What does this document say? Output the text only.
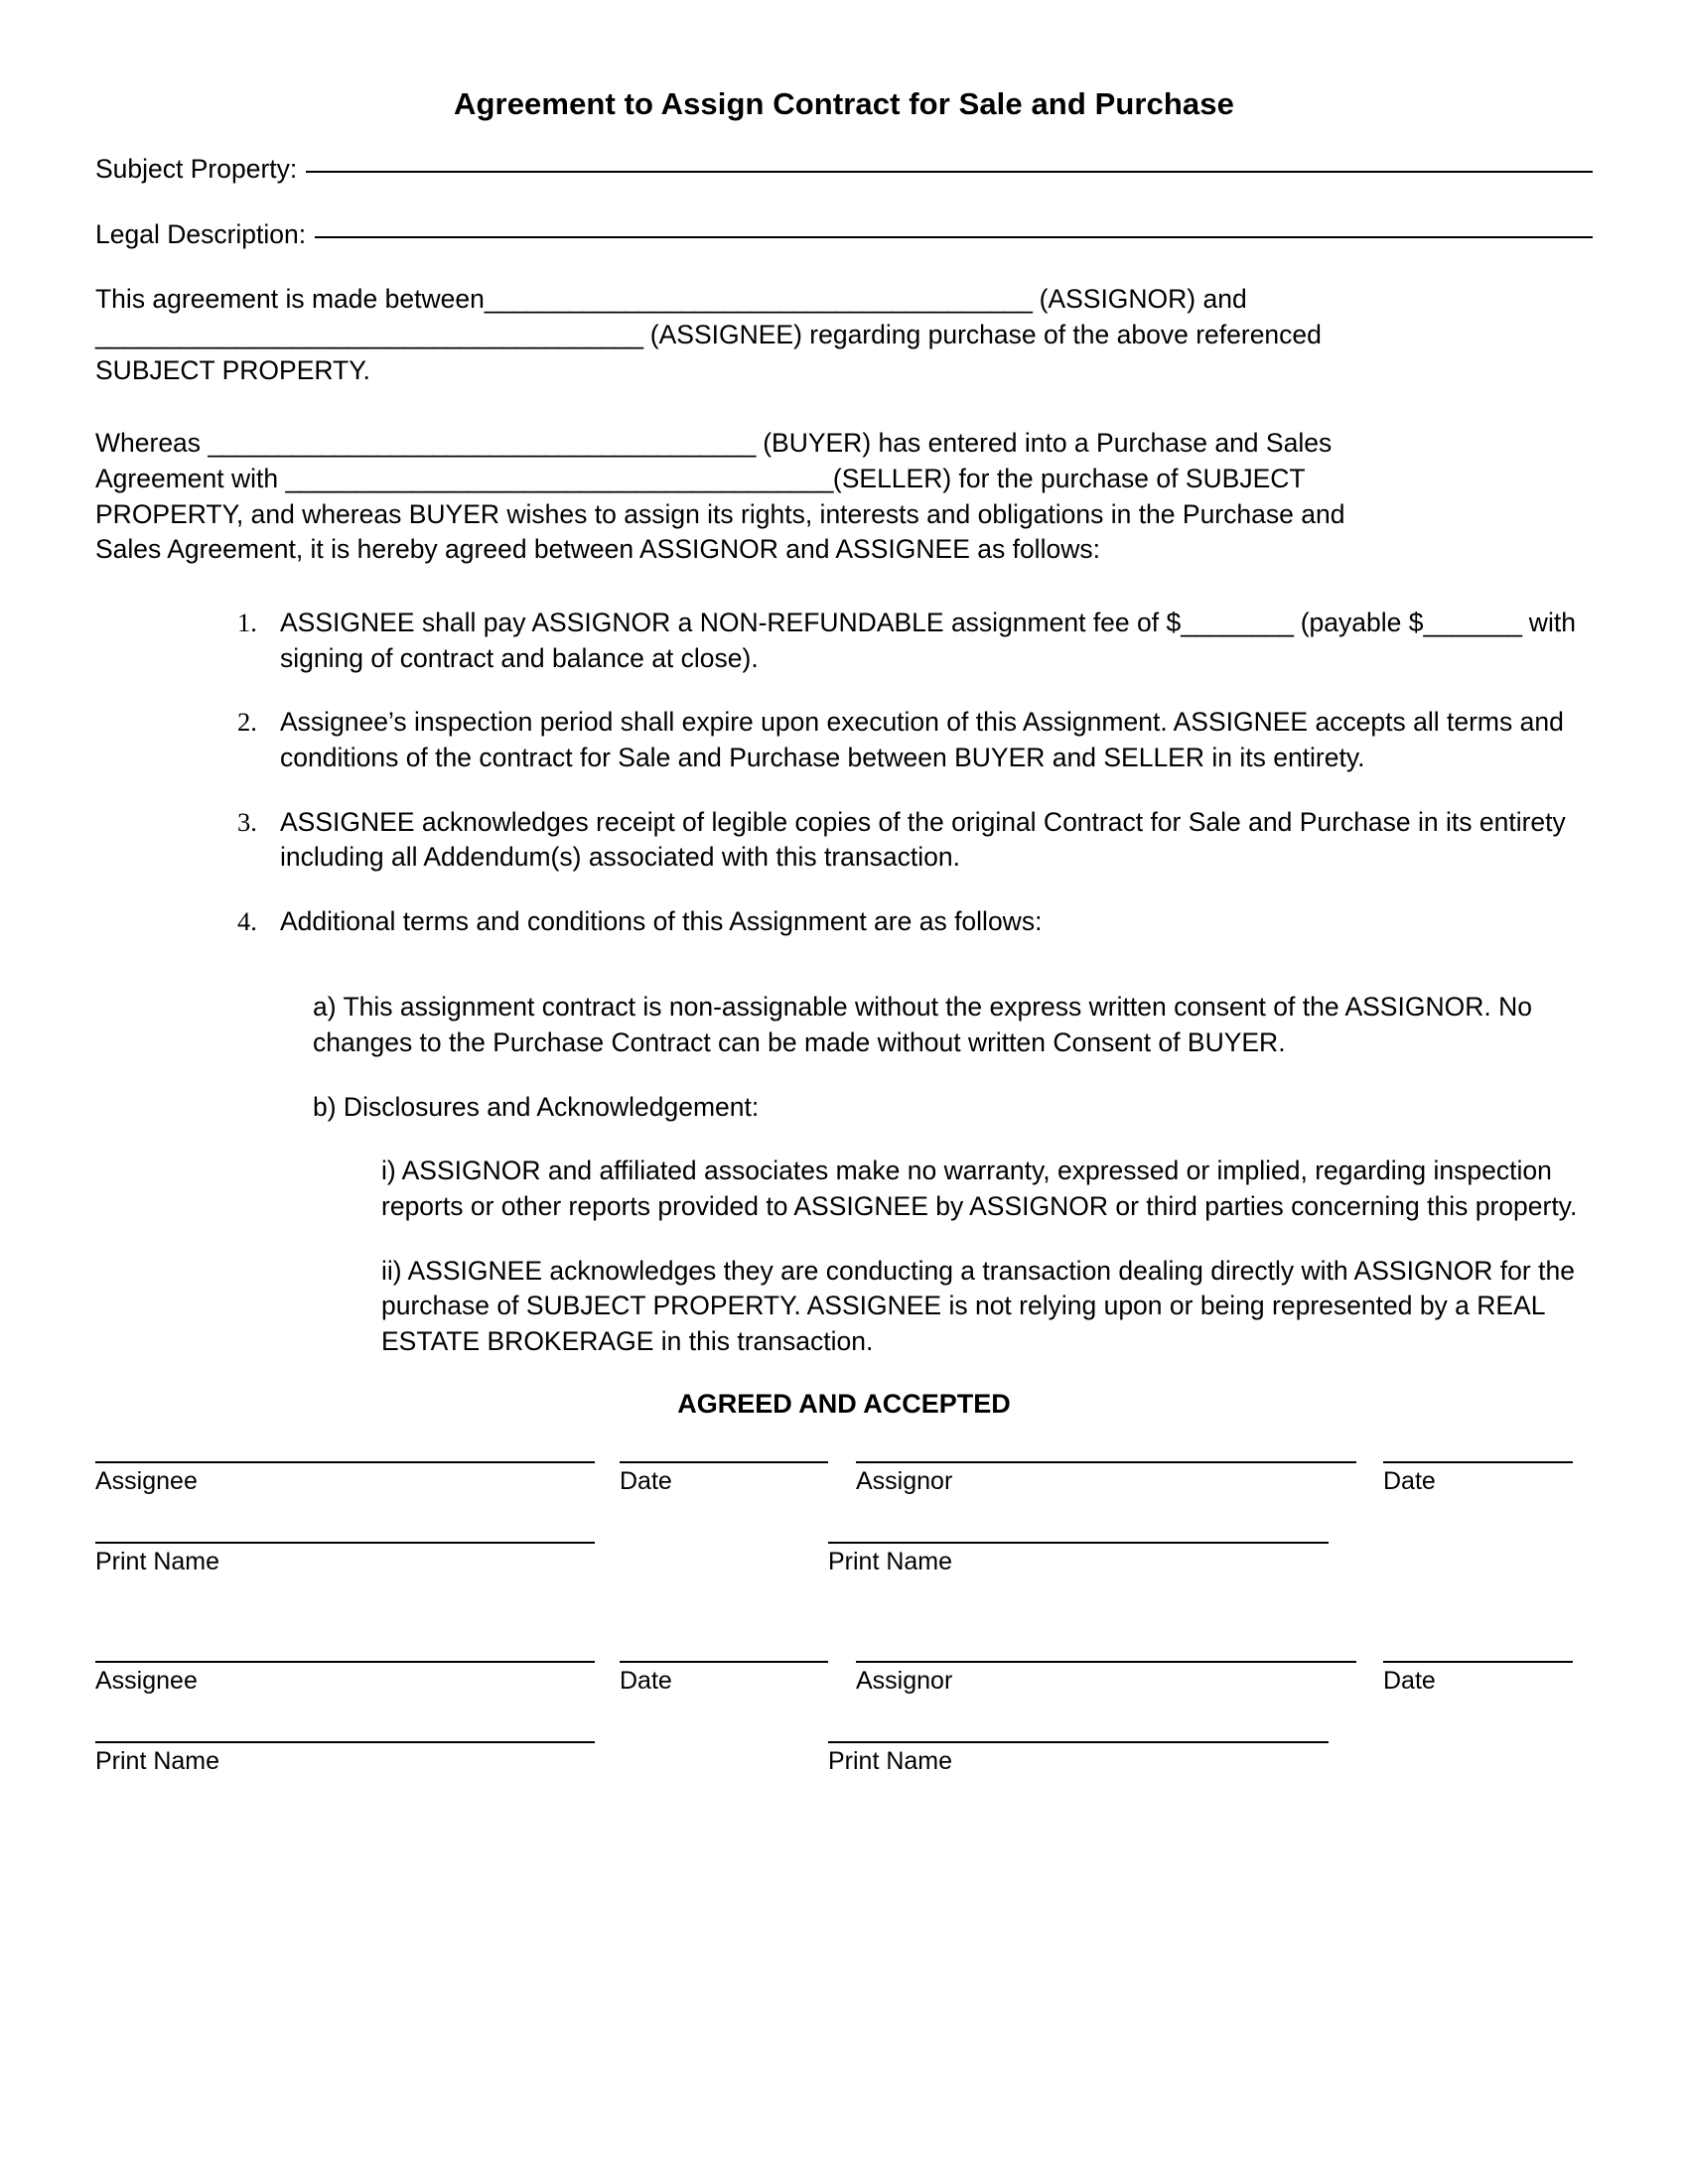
Agreement to Assign Contract for Sale and Purchase
Subject Property:
Legal Description:
This agreement is made between_______________________________________ (ASSIGNOR) and
_______________________________________ (ASSIGNEE) regarding purchase of the above referenced
SUBJECT PROPERTY.
Whereas _______________________________________ (BUYER) has entered into a Purchase and Sales
Agreement with _______________________________________(SELLER) for the purchase of SUBJECT
PROPERTY, and whereas BUYER wishes to assign its rights, interests and obligations in the Purchase and
Sales Agreement, it is hereby agreed between ASSIGNOR and ASSIGNEE as follows:
1. ASSIGNEE shall pay ASSIGNOR a NON-REFUNDABLE assignment fee of $________ (payable $_______ with signing of contract and balance at close).
2. Assignee’s inspection period shall expire upon execution of this Assignment. ASSIGNEE accepts all terms and conditions of the contract for Sale and Purchase between BUYER and SELLER in its entirety.
3. ASSIGNEE acknowledges receipt of legible copies of the original Contract for Sale and Purchase in its entirety including all Addendum(s) associated with this transaction.
4. Additional terms and conditions of this Assignment are as follows:
a) This assignment contract is non-assignable without the express written consent of the ASSIGNOR. No changes to the Purchase Contract can be made without written Consent of BUYER.
b) Disclosures and Acknowledgement:
i) ASSIGNOR and affiliated associates make no warranty, expressed or implied, regarding inspection reports or other reports provided to ASSIGNEE by ASSIGNOR or third parties concerning this property.
ii) ASSIGNEE acknowledges they are conducting a transaction dealing directly with ASSIGNOR for the purchase of SUBJECT PROPERTY. ASSIGNEE is not relying upon or being represented by a REAL ESTATE BROKERAGE in this transaction.
AGREED AND ACCEPTED
Assignee	Date	Assignor	Date
Print Name	Print Name
Assignee	Date	Assignor	Date
Print Name	Print Name
